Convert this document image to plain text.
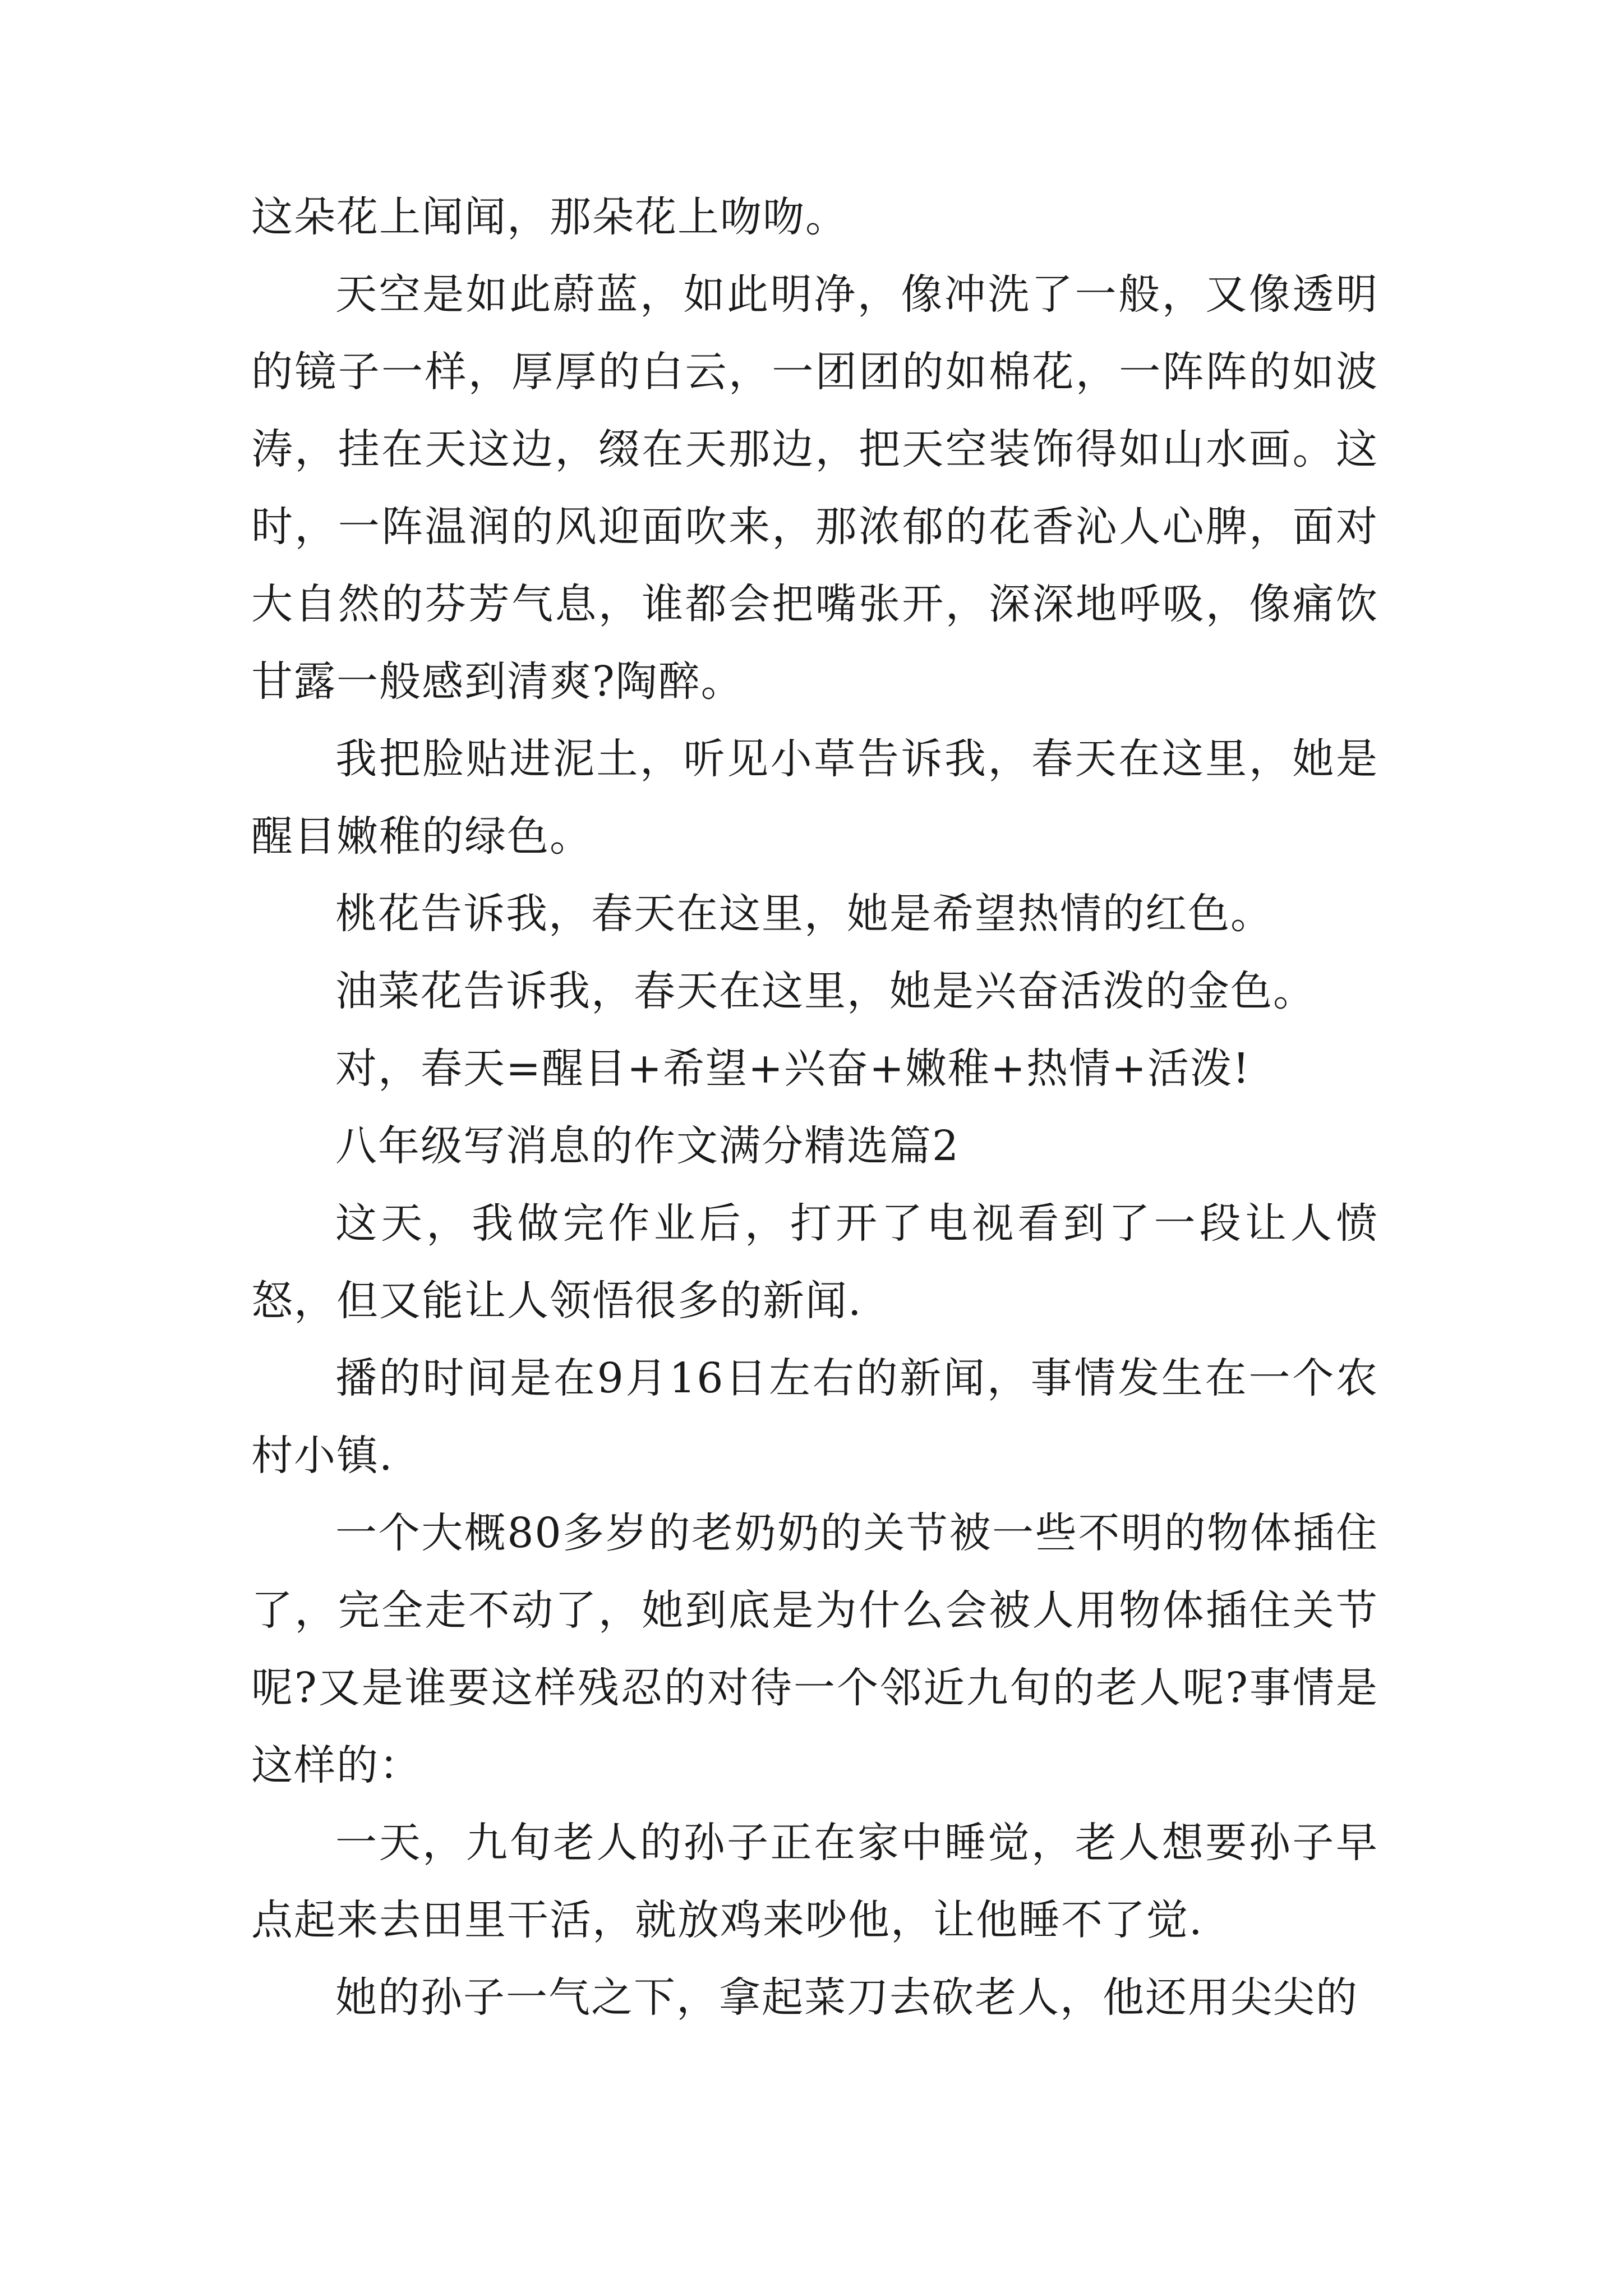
这朵花上闻闻，那朵花上吻吻。

天空是如此蔚蓝，如此明净，像冲洗了一般，又像透明的镜子一样，厚厚的白云，一团团的如棉花，一阵阵的如波涛，挂在天这边，缀在天那边，把天空装饰得如山水画。这时，一阵温润的风迎面吹来，那浓郁的花香沁人心脾，面对大自然的芬芳气息，谁都会把嘴张开，深深地呼吸，像痛饮甘露一般感到清爽?陶醉。

我把脸贴进泥土，听见小草告诉我，春天在这里，她是醒目嫩稚的绿色。

桃花告诉我，春天在这里，她是希望热情的红色。

油菜花告诉我，春天在这里，她是兴奋活泼的金色。

对，春天=醒目+希望+兴奋+嫩稚+热情+活泼!

八年级写消息的作文满分精选篇2

这天，我做完作业后，打开了电视看到了一段让人愤怒，但又能让人领悟很多的新闻.

播的时间是在9月16日左右的新闻，事情发生在一个农村小镇.

一个大概80多岁的老奶奶的关节被一些不明的物体插住了，完全走不动了，她到底是为什么会被人用物体插住关节呢?又是谁要这样残忍的对待一个邻近九旬的老人呢?事情是这样的：

一天，九旬老人的孙子正在家中睡觉，老人想要孙子早点起来去田里干活，就放鸡来吵他，让他睡不了觉.

她的孙子一气之下，拿起菜刀去砍老人，他还用尖尖的
